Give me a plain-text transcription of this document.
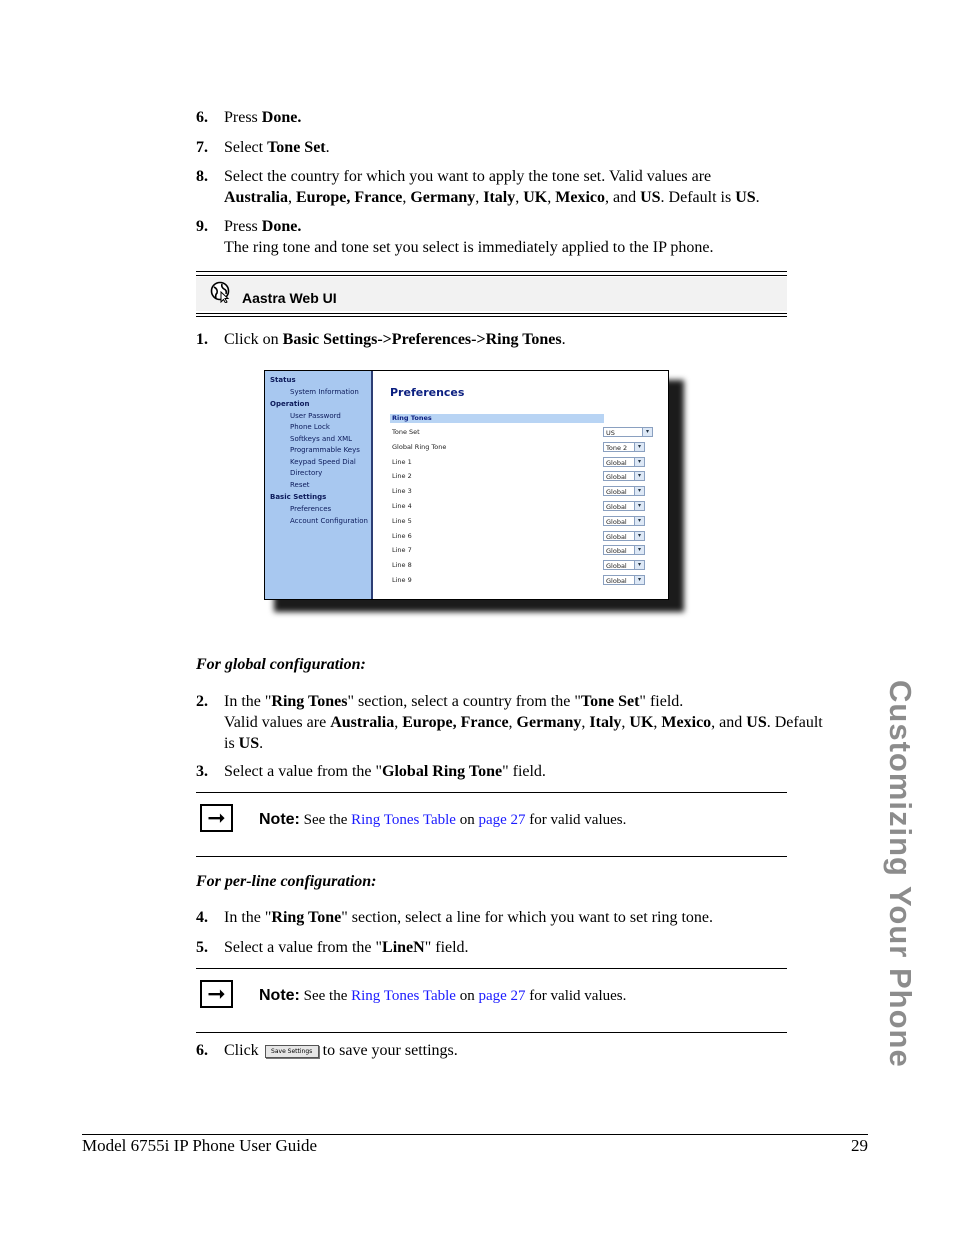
6. Press Done.
7. Select Tone Set.
8. Select the country for which you want to apply the tone set. Valid values are
Australia, Europe, France, Germany, Italy, UK, Mexico, and US. Default is US.
9. Press Done.
The ring tone and tone set you select is immediately applied to the IP phone.
Aastra Web UI
1. Click on Basic Settings->Preferences->Ring Tones.
Status
System Information
Operation
User Password
Phone Lock
Softkeys and XML
Programmable Keys
Keypad Speed Dial
Directory
Reset
Basic Settings
Preferences
Account Configuration
Preferences
Ring Tones
Tone Set	US	▾
Global Ring Tone	Tone 2	▾
Line 1	Global	▾
Line 2	Global	▾
Line 3	Global	▾
Line 4	Global	▾
Line 5	Global	▾
Line 6	Global	▾
Line 7	Global	▾
Line 8	Global	▾
Line 9	Global	▾
For global configuration:
2. In the "Ring Tones" section, select a country from the "Tone Set" field.
Valid values are Australia, Europe, France, Germany, Italy, UK, Mexico, and US. Default
is US.
3. Select a value from the "Global Ring Tone" field.
➞	Note: See the Ring Tones Table on page 27 for valid values.
For per-line configuration:
4. In the "Ring Tone" section, select a line for which you want to set ring tone.
5. Select a value from the "LineN" field.
➞	Note: See the Ring Tones Table on page 27 for valid values.
6. Click Save Settings to save your settings.	Customizing Your Phone
Model 6755i IP Phone User Guide	29
